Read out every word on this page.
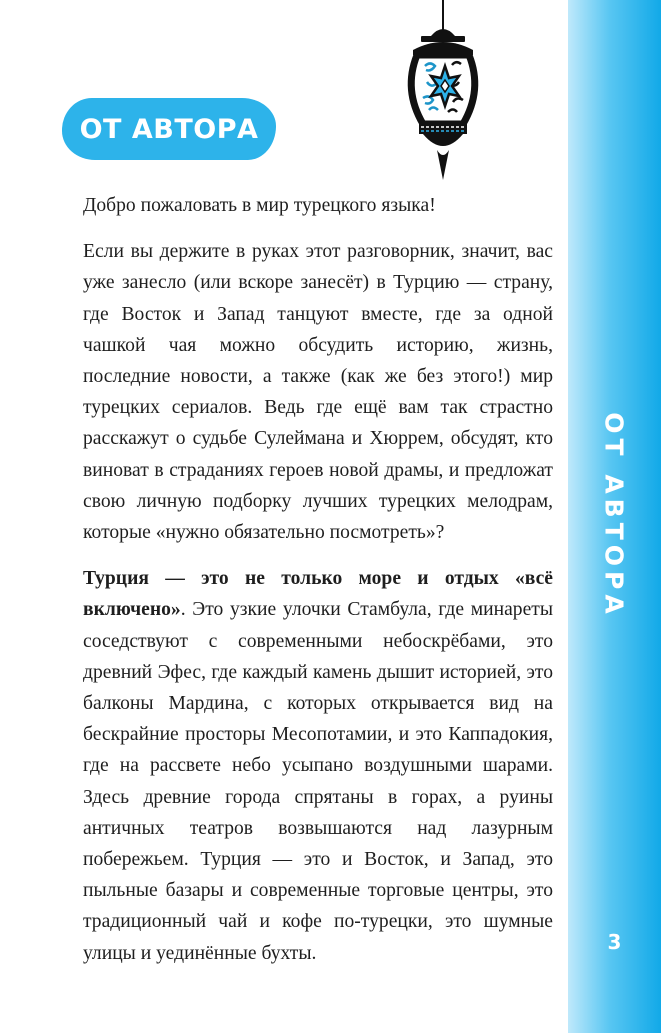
ОТ АВТОРА
3
ОТ АВТОРА

Добро пожаловать в мир турецкого языка!

Если вы держите в руках этот разговорник, значит, вас уже занесло (или вскоре занесёт) в Турцию — страну, где Восток и Запад танцуют вместе, где за одной чашкой чая можно обсудить историю, жизнь, последние новости, а также (как же без этого!) мир турецких сериалов. Ведь где ещё вам так страстно расскажут о судьбе Сулеймана и Хюррем, обсудят, кто виноват в страданиях героев новой драмы, и предложат свою личную подборку лучших турецких мелодрам, которые «нужно обязательно посмотреть»?

Турция — это не только море и отдых «всё включено». Это узкие улочки Стамбула, где минареты соседствуют с современными небоскрёбами, это древний Эфес, где каждый камень дышит историей, это балконы Мардина, с которых открывается вид на бескрайние просторы Месопотамии, и это Каппадокия, где на рассвете небо усыпано воздушными шарами. Здесь древние города спрятаны в горах, а руины античных театров возвышаются над лазурным побережьем. Турция — это и Восток, и Запад, это пыльные базары и современные торговые центры, это традиционный чай и кофе по-турецки, это шумные улицы и уединённые бухты.
